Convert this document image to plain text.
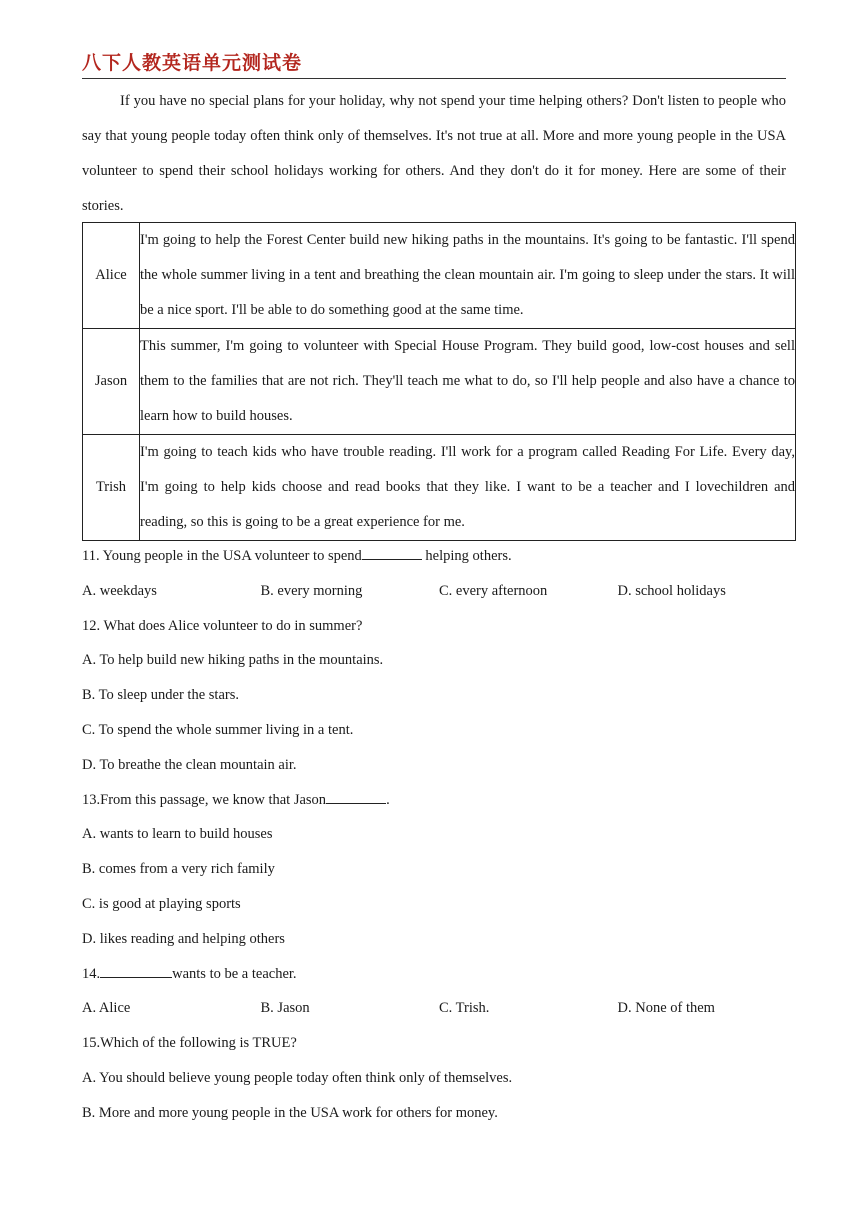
八下人教英语单元测试卷
If you have no special plans for your holiday, why not spend your time helping others? Don't listen to people who say that young people today often think only of themselves. It's not true at all. More and more young people in the USA volunteer to spend their school holidays working for others. And they don't do it for money. Here are some of their stories.
Alice	I'm going to help the Forest Center build new hiking paths in the mountains. It's going to be fantastic. I'll spend the whole summer living in a tent and breathing the clean mountain air. I'm going to sleep under the stars. It will be a nice sport. I'll be able to do something good at the same time.
Jason	This summer, I'm going to volunteer with Special House Program. They build good, low-cost houses and sell them to the families that are not rich. They'll teach me what to do, so I'll help people and also have a chance to learn how to build houses.
Trish	I'm going to teach kids who have trouble reading. I'll work for a program called Reading For Life. Every day, I'm going to help kids choose and read books that they like. I want to be a teacher and I lovechildren and reading, so this is going to be a great experience for me.
11. Young people in the USA volunteer to spend	helping others.
A. weekdays	B. every morning	C. every afternoon	D. school holidays
12. What does Alice volunteer to do in summer?
A. To help build new hiking paths in the mountains.
B. To sleep under the stars.
C. To spend the whole summer living in a tent.
D. To breathe the clean mountain air.
13.From this passage, we know that Jason	.
A. wants to learn to build houses
B. comes from a very rich family
C. is good at playing sports
D. likes reading and helping others
14.	wants to be a teacher.
A. Alice	B. Jason	C. Trish.	D. None of them
15.Which of the following is TRUE?
A. You should believe young people today often think only of themselves.
B. More and more young people in the USA work for others for money.
